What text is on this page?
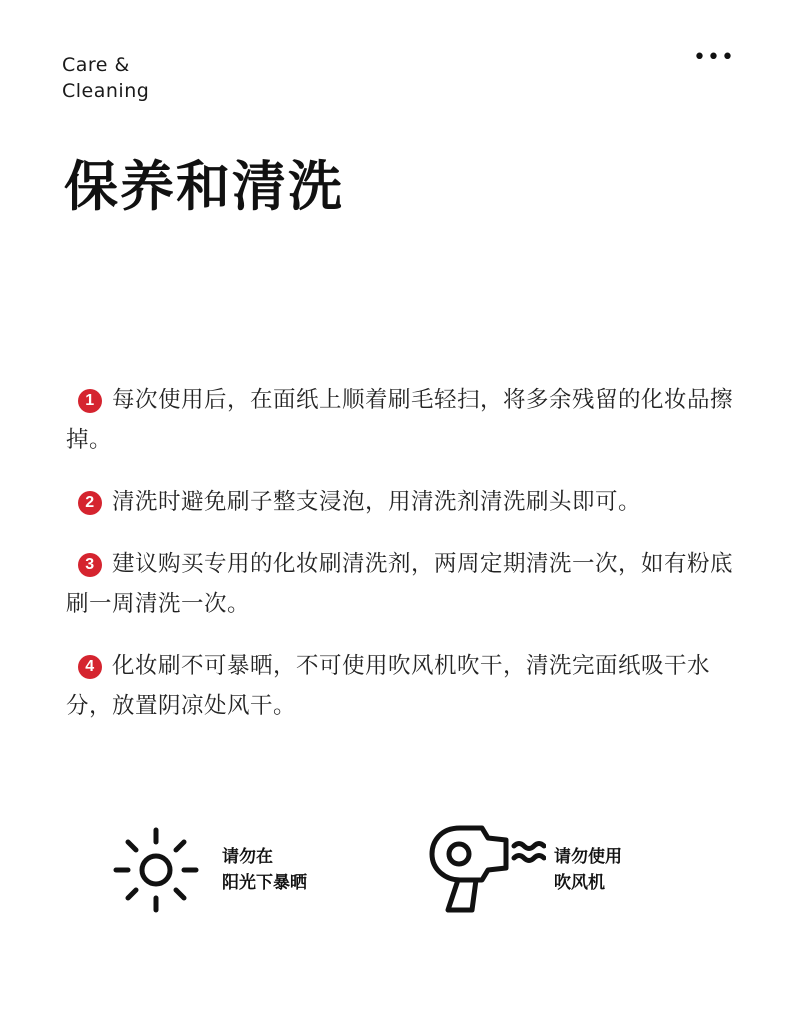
Care &
Cleaning
•••
保养和清洗

1 每次使用后，在面纸上顺着刷毛轻扫，将多余残留的化妆品擦掉。

2 清洗时避免刷子整支浸泡，用清洗剂清洗刷头即可。

3 建议购买专用的化妆刷清洗剂，两周定期清洗一次，如有粉底刷一周清洗一次。

4 化妆刷不可暴晒，不可使用吹风机吹干，清洗完面纸吸干水分，放置阴凉处风干。

请勿在
阳光下暴晒
请勿使用
吹风机
